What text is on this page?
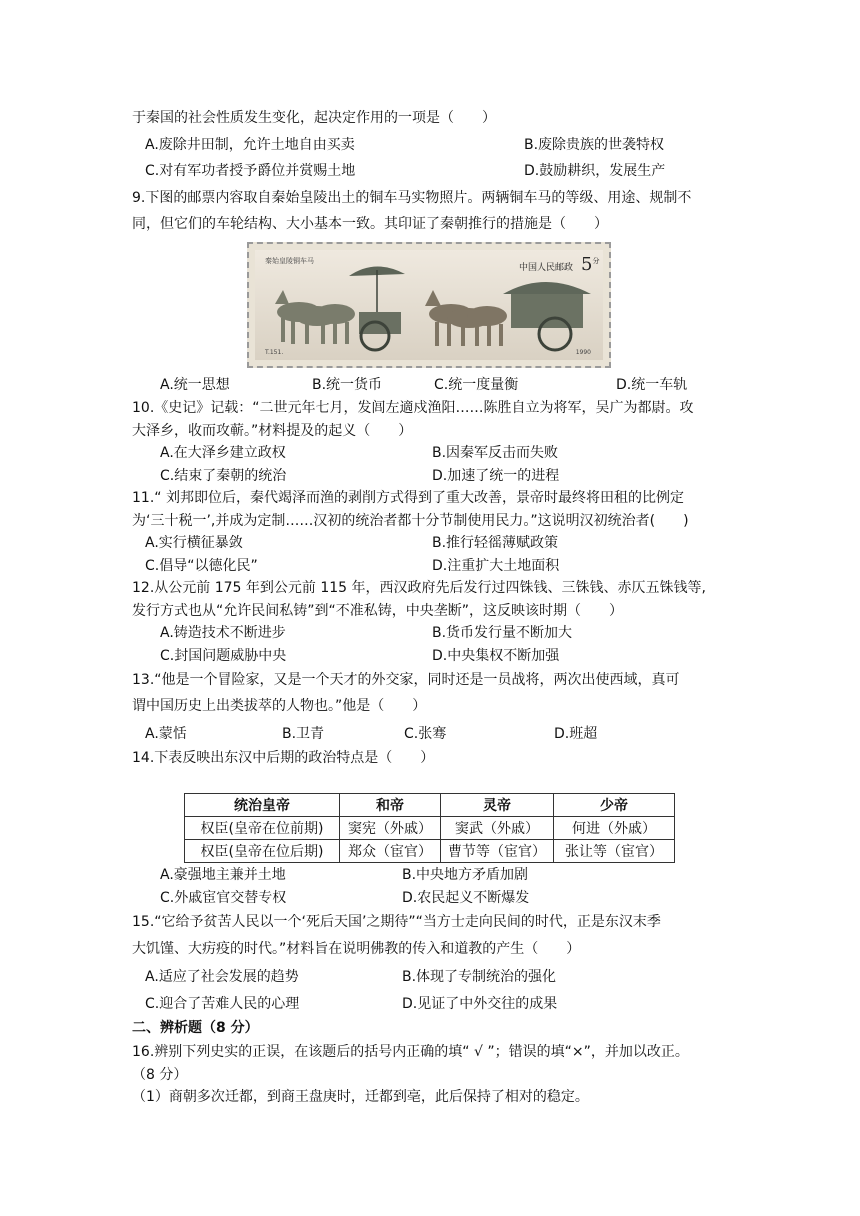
于秦国的社会性质发生变化，起决定作用的一项是（　　）
A.废除井田制，允许土地自由买卖	B.废除贵族的世袭特权
C.对有军功者授予爵位并赏赐土地	D.鼓励耕织，发展生产
9.下图的邮票内容取自秦始皇陵出土的铜车马实物照片。两辆铜车马的等级、用途、规制不
同，但它们的车轮结构、大小基本一致。其印证了秦朝推行的措施是（　　）
秦始皇陵铜车马
中国人民邮政 $5^分$
T.151.	1990
A.统一思想	B.统一货币	C.统一度量衡	D.统一车轨
10.《史记》记载：“二世元年七月，发闾左適戍渔阳……陈胜自立为将军，吴广为都尉。攻
大泽乡，收而攻蕲。”材料提及的起义（　　）
A.在大泽乡建立政权	B.因秦军反击而失败
C.结束了秦朝的统治	D.加速了统一的进程
11.“ 刘邦即位后，秦代竭泽而渔的剥削方式得到了重大改善，景帝时最终将田租的比例定
为‘三十税一’,并成为定制……汉初的统治者都十分节制使用民力。”这说明汉初统治者(　　)
A.实行横征暴敛	B.推行轻徭薄赋政策
C.倡导“以德化民”	D.注重扩大土地面积
12.从公元前 175 年到公元前 115 年，西汉政府先后发行过四铢钱、三铢钱、赤仄五铢钱等,
发行方式也从“允许民间私铸”到“不准私铸，中央垄断”，这反映该时期（　　）
A.铸造技术不断进步	B.货币发行量不断加大
C.封国问题威胁中央	D.中央集权不断加强
13.“他是一个冒险家，又是一个天才的外交家，同时还是一员战将，两次出使西域，真可
谓中国历史上出类拔萃的人物也。”他是（　　）
A.蒙恬	B.卫青	C.张骞	D.班超
14.下表反映出东汉中后期的政治特点是（　　）
统治皇帝	和帝	灵帝	少帝
权臣(皇帝在位前期)	窦宪（外戚）	窦武（外戚）	何进（外戚）
权臣(皇帝在位后期)	郑众（宦官）	曹节等（宦官）	张让等（宦官）
A.豪强地主兼并土地	B.中央地方矛盾加剧
C.外戚宦官交替专权	D.农民起义不断爆发
15.“它给予贫苦人民以一个‘死后天国’之期待”“当方士走向民间的时代，正是东汉末季
大饥馑、大疠疫的时代。”材料旨在说明佛教的传入和道教的产生（　　）
A.适应了社会发展的趋势	B.体现了专制统治的强化
C.迎合了苦难人民的心理	D.见证了中外交往的成果
二、辨析题（8 分）
16.辨别下列史实的正误，在该题后的括号内正确的填“ √ ”；错误的填“×”，并加以改正。
（8 分）
（1）商朝多次迁都，到商王盘庚时，迁都到亳，此后保持了相对的稳定。
